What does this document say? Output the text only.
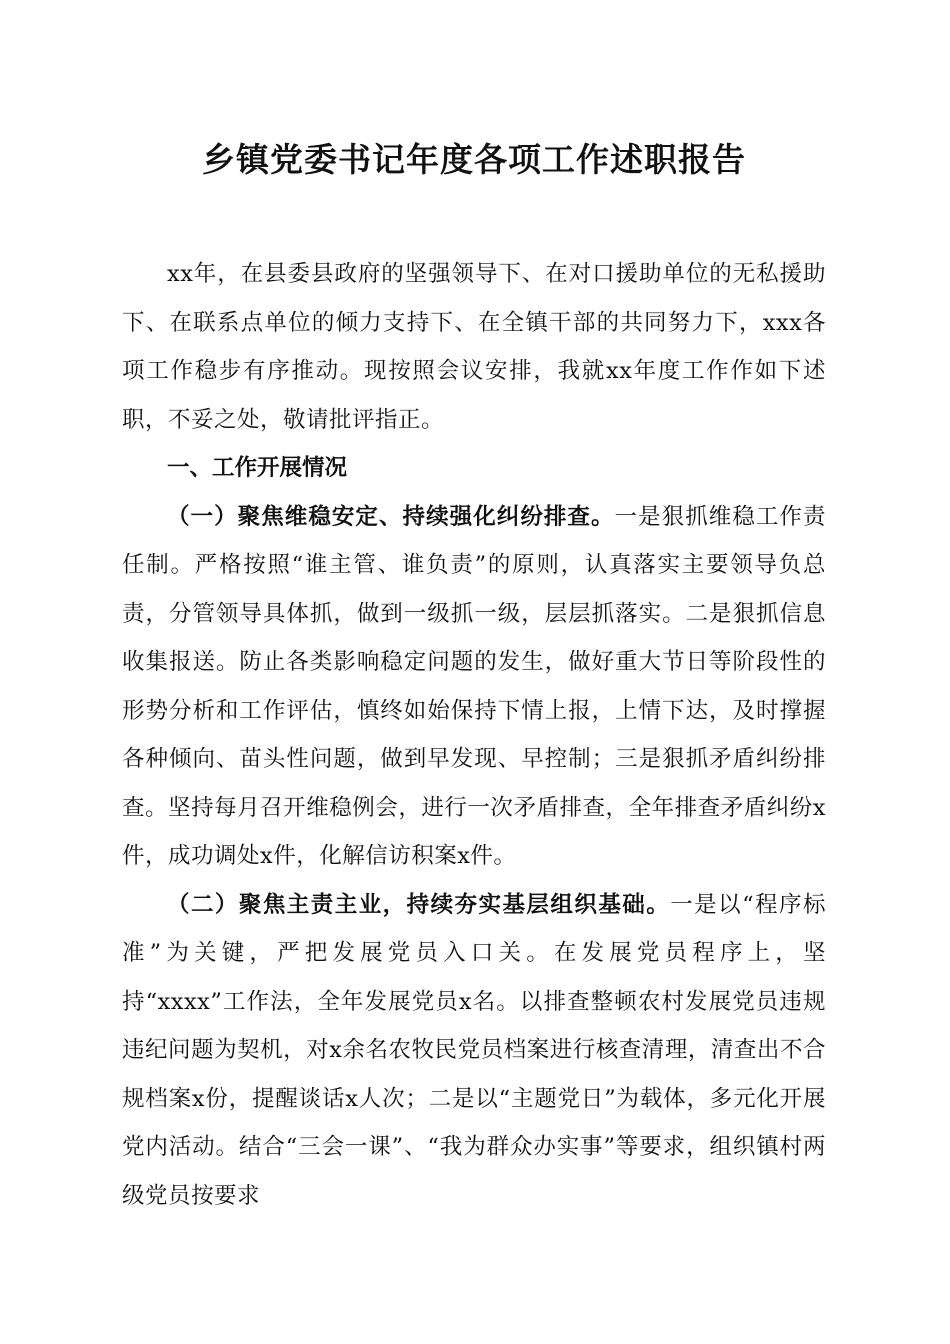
乡镇党委书记年度各项工作述职报告

xx年，在县委县政府的坚强领导下、在对口援助单位的无私援助下、在联系点单位的倾力支持下、在全镇干部的共同努力下，xxx各项工作稳步有序推动。现按照会议安排，我就xx年度工作作如下述职，不妥之处，敬请批评指正。

一、工作开展情况

（一）聚焦维稳安定、持续强化纠纷排查。一是狠抓维稳工作责任制。严格按照“谁主管、谁负责”的原则，认真落实主要领导负总责，分管领导具体抓，做到一级抓一级，层层抓落实。二是狠抓信息收集报送。防止各类影响稳定问题的发生，做好重大节日等阶段性的形势分析和工作评估，慎终如始保持下情上报，上情下达，及时撑握各种倾向、苗头性问题，做到早发现、早控制；三是狠抓矛盾纠纷排查。坚持每月召开维稳例会，进行一次矛盾排查，全年排查矛盾纠纷x件，成功调处x件，化解信访积案x件。

（二）聚焦主责主业，持续夯实基层组织基础。一是以“程序标准”为关键，严把发展党员入口关。在发展党员程序上，坚持“xxxx”工作法，全年发展党员x名。以排查整顿农村发展党员违规违纪问题为契机，对x余名农牧民党员档案进行核查清理，清查出不合规档案x份，提醒谈话x人次；二是以“主题党日”为载体，多元化开展党内活动。结合“三会一课”、“我为群众办实事”等要求，组织镇村两级党员按要求
